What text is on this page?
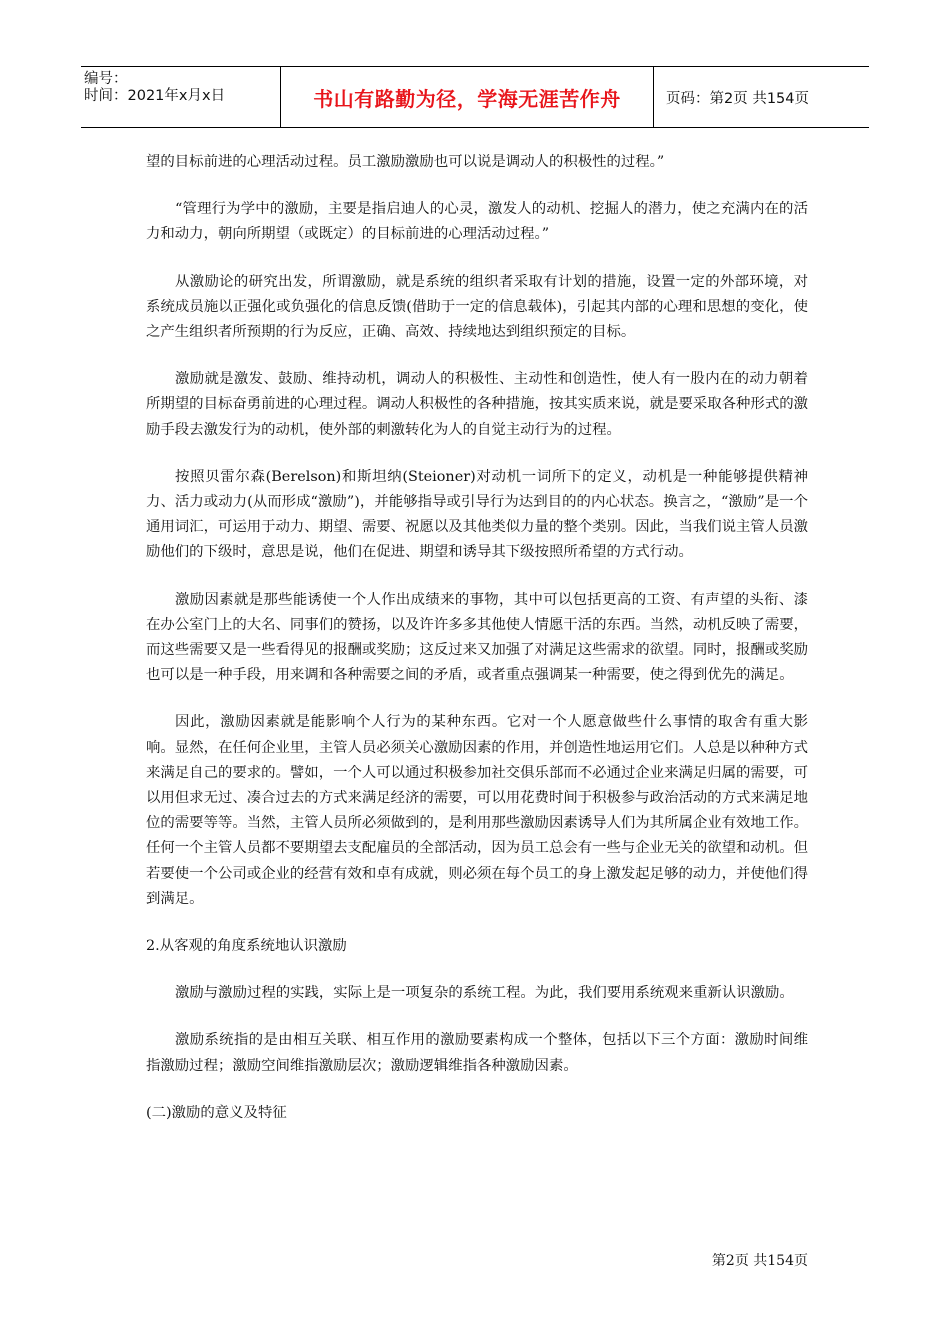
编号：
时间：2021年x月x日	书山有路勤为径，学海无涯苦作舟	页码：第2页 共154页

望的目标前进的心理活动过程。员工激励激励也可以说是调动人的积极性的过程。”

“管理行为学中的激励，主要是指启迪人的心灵，激发人的动机、挖掘人的潜力，使之充满内在的活力和动力，朝向所期望（或既定）的目标前进的心理活动过程。”

从激励论的研究出发，所谓激励，就是系统的组织者采取有计划的措施，设置一定的外部环境，对系统成员施以正强化或负强化的信息反馈(借助于一定的信息载体)，引起其内部的心理和思想的变化，使之产生组织者所预期的行为反应，正确、高效、持续地达到组织预定的目标。

激励就是激发、鼓励、维持动机，调动人的积极性、主动性和创造性，使人有一股内在的动力朝着所期望的目标奋勇前进的心理过程。调动人积极性的各种措施，按其实质来说，就是要采取各种形式的激励手段去激发行为的动机，使外部的刺激转化为人的自觉主动行为的过程。

按照贝雷尔森(Berelson)和斯坦纳(Steioner)对动机一词所下的定义，动机是一种能够提供精神力、活力或动力(从而形成“激励”)，并能够指导或引导行为达到目的的内心状态。换言之，“激励”是一个通用词汇，可运用于动力、期望、需要、祝愿以及其他类似力量的整个类别。因此，当我们说主管人员激励他们的下级时，意思是说，他们在促进、期望和诱导其下级按照所希望的方式行动。

激励因素就是那些能诱使一个人作出成绩来的事物，其中可以包括更高的工资、有声望的头衔、漆在办公室门上的大名、同事们的赞扬，以及许许多多其他使人情愿干活的东西。当然，动机反映了需要，而这些需要又是一些看得见的报酬或奖励；这反过来又加强了对满足这些需求的欲望。同时，报酬或奖励也可以是一种手段，用来调和各种需要之间的矛盾，或者重点强调某一种需要，使之得到优先的满足。

因此，激励因素就是能影响个人行为的某种东西。它对一个人愿意做些什么事情的取舍有重大影响。显然，在任何企业里，主管人员必须关心激励因素的作用，并创造性地运用它们。人总是以种种方式来满足自己的要求的。譬如，一个人可以通过积极参加社交俱乐部而不必通过企业来满足归属的需要，可以用但求无过、凑合过去的方式来满足经济的需要，可以用花费时间于积极参与政治活动的方式来满足地位的需要等等。当然，主管人员所必须做到的，是利用那些激励因素诱导人们为其所属企业有效地工作。任何一个主管人员都不要期望去支配雇员的全部活动，因为员工总会有一些与企业无关的欲望和动机。但若要使一个公司或企业的经营有效和卓有成就，则必须在每个员工的身上激发起足够的动力，并使他们得到满足。

2.从客观的角度系统地认识激励

激励与激励过程的实践，实际上是一项复杂的系统工程。为此，我们要用系统观来重新认识激励。

激励系统指的是由相互关联、相互作用的激励要素构成一个整体，包括以下三个方面：激励时间维指激励过程；激励空间维指激励层次；激励逻辑维指各种激励因素。

(二)激励的意义及特征

第2页 共154页
